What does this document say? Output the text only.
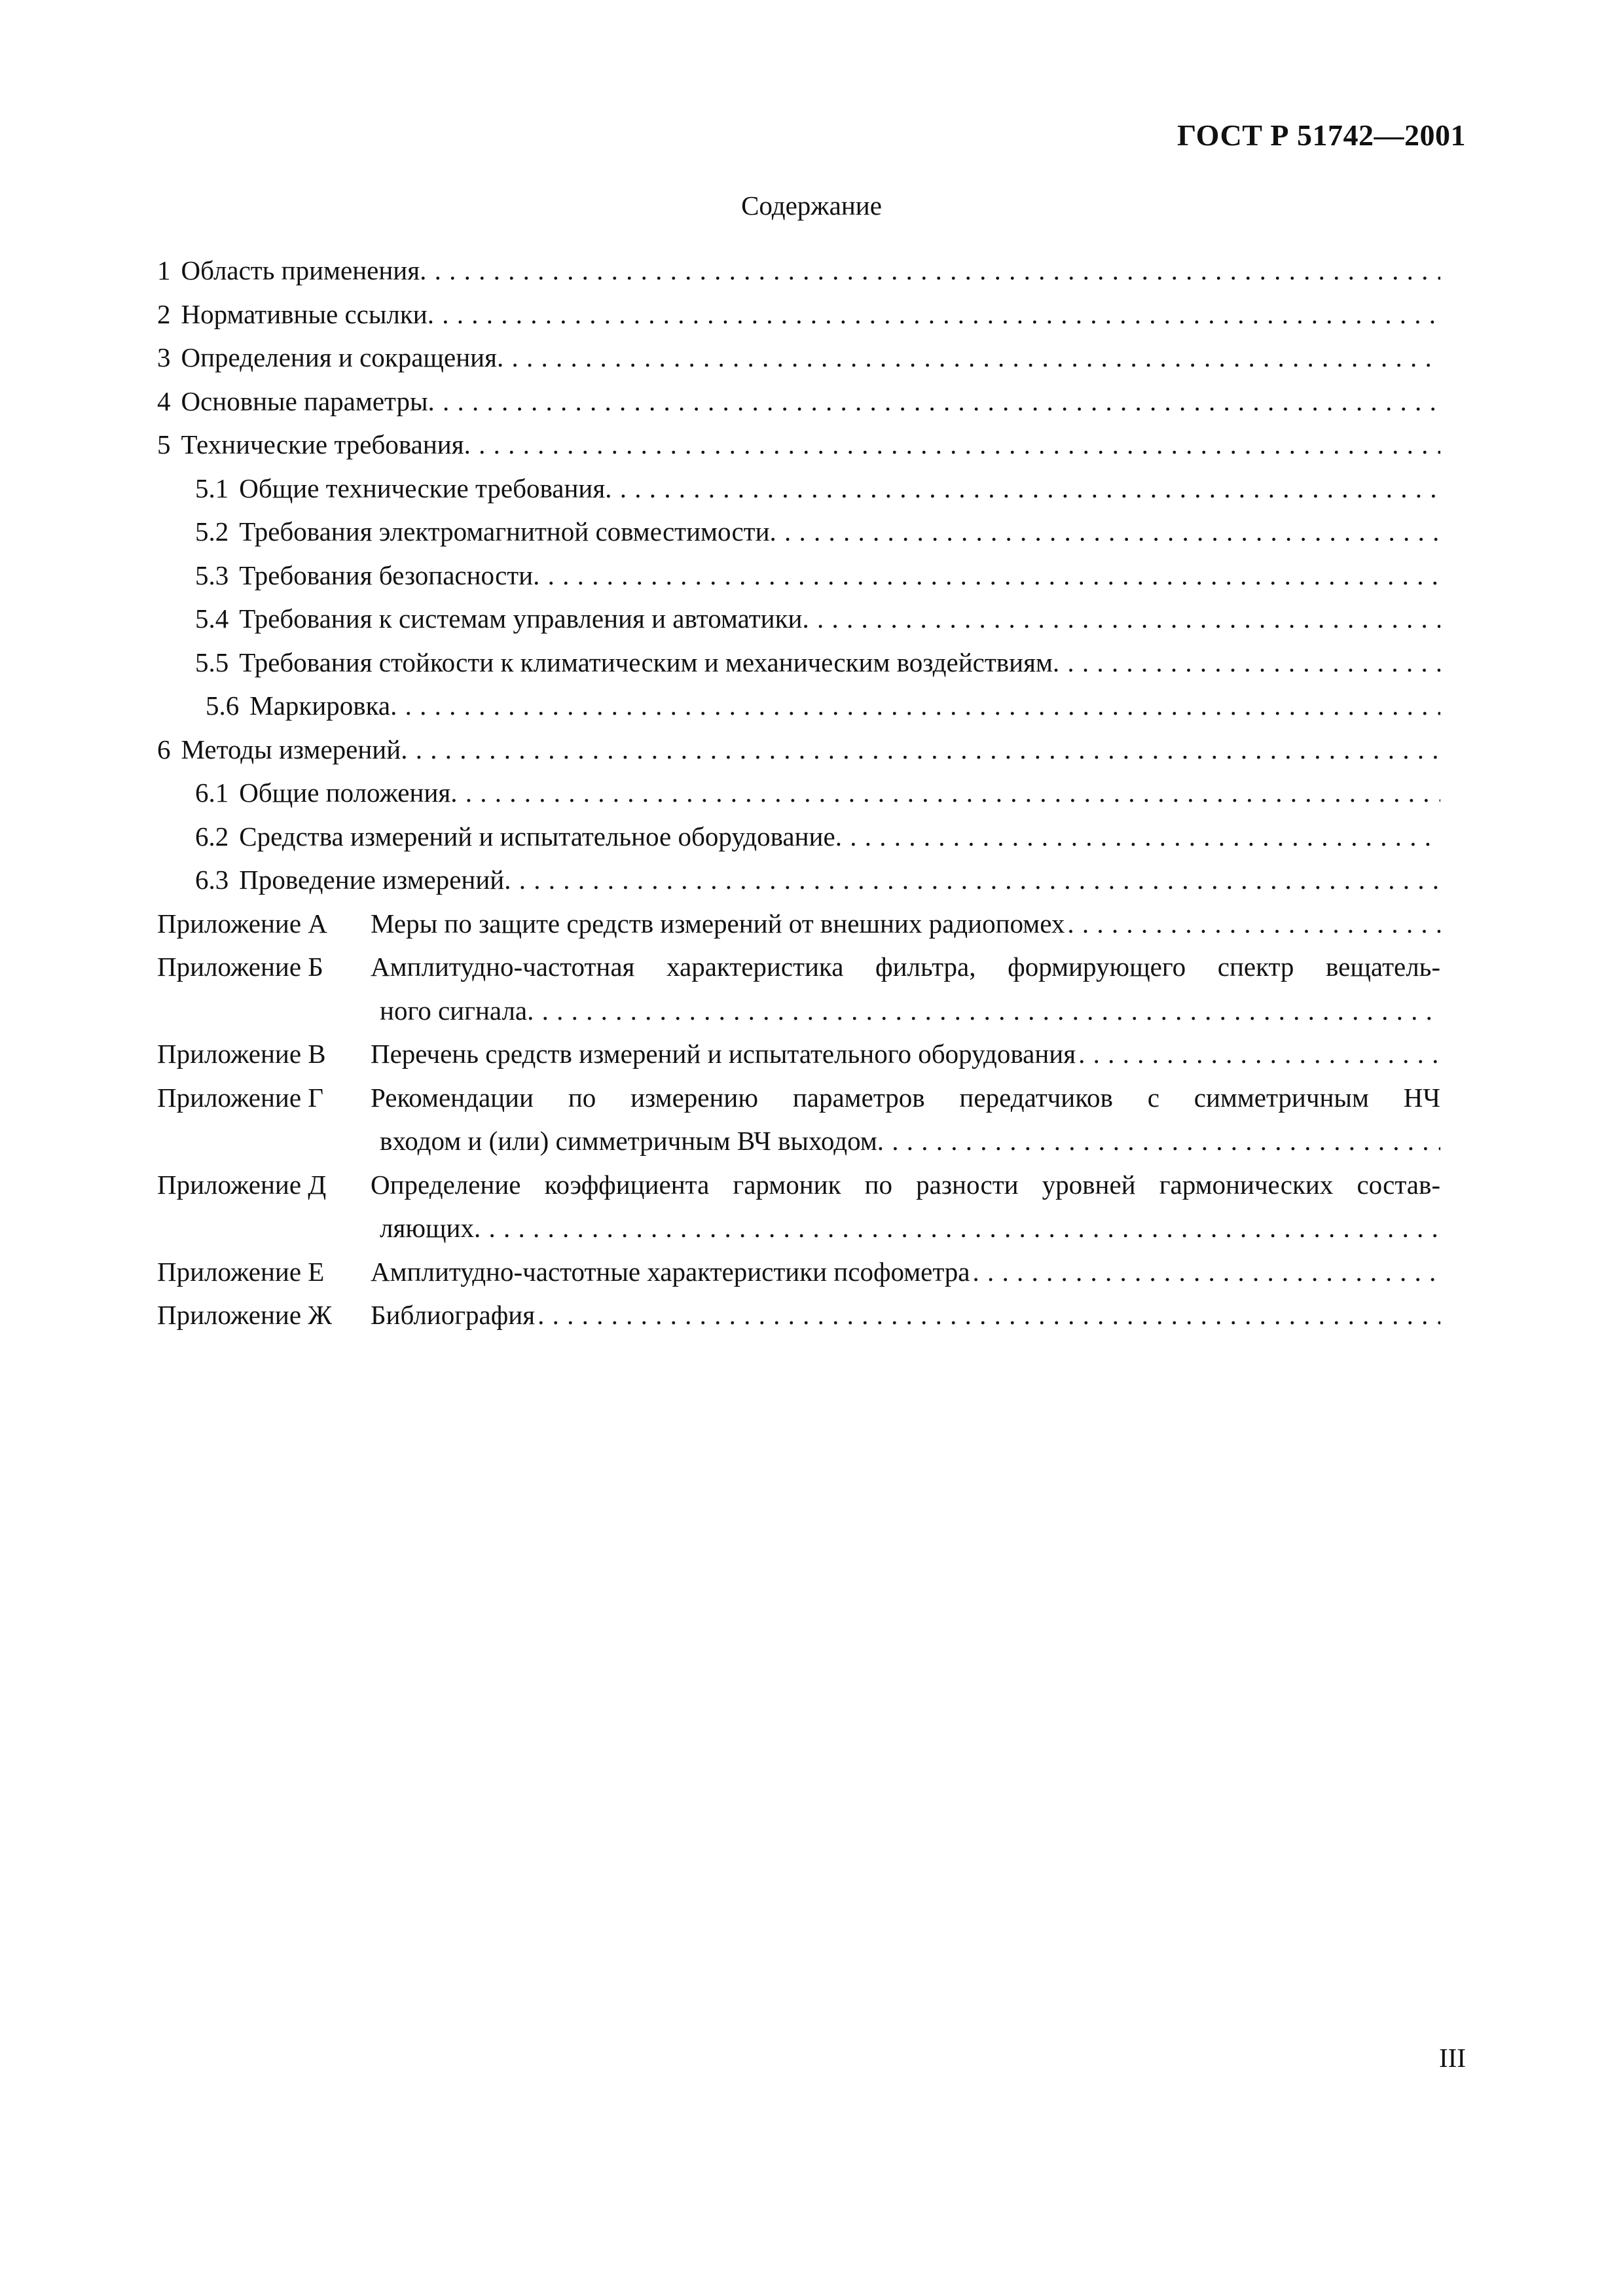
ГОСТ Р 51742—2001
Содержание
1 Область применения
. . .
2 Нормативные ссылки
. . .
3 Определения и сокращения
. . .
4 Основные параметры
. . .
5 Технические требования
. . .
5.1 Общие технические требования
. . .
5.2 Требования электромагнитной совместимости
. . .
5.3 Требования безопасности
. . .
5.4 Требования к системам управления и автоматики
. . .
5.5 Требования стойкости к климатическим и механическим воздействиям
. . .
5.6 Маркировка
. . .
6 Методы измерений
. . .
6.1 Общие положения
. . .
6.2 Средства измерений и испытательное оборудование
. . .
6.3 Проведение измерений
. . .
Приложение А	Меры по защите средств измерений от внешних радиопомех
. . .
Приложение Б	Амплитудно-частотная характеристика фильтра, формирующего спектр вещатель-
ного сигнала
. . .
Приложение В	Перечень средств измерений и испытательного оборудования
. . .
Приложение Г	Рекомендации по измерению параметров передатчиков с симметричным НЧ
входом и (или) симметричным ВЧ выходом
. . .
Приложение Д	Определение коэффициента гармоник по разности уровней гармонических состав-
ляющих
. . .
Приложение Е	Амплитудно-частотные характеристики псофометра
. . .
Приложение Ж	Библиография
. . .
III
